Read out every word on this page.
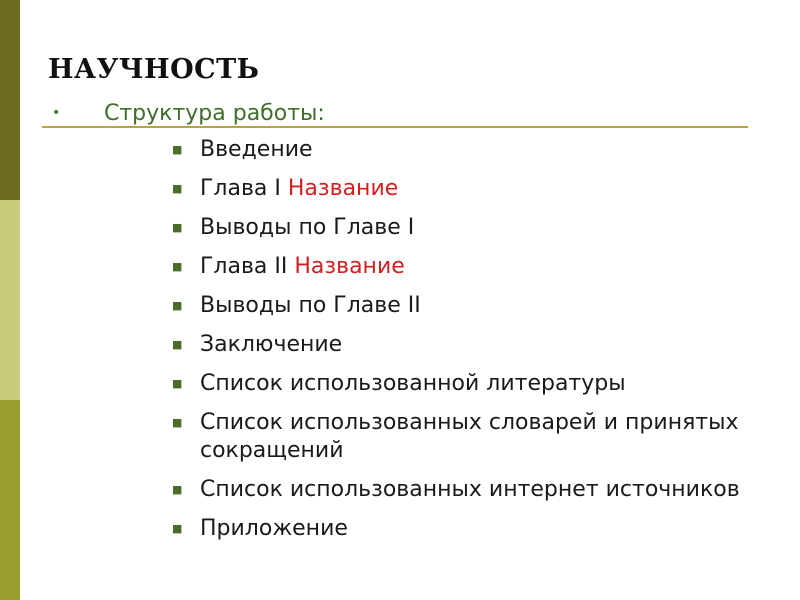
НАУЧНОСТЬ
•	Структура работы:
■ Введение
■ Глава I Название
■ Выводы по Главе I
■ Глава II Название
■ Выводы по Главе II
■ Заключение
■ Список использованной литературы
■ Список использованных словарей и принятых сокращений
■ Список использованных интернет источников
■ Приложение
